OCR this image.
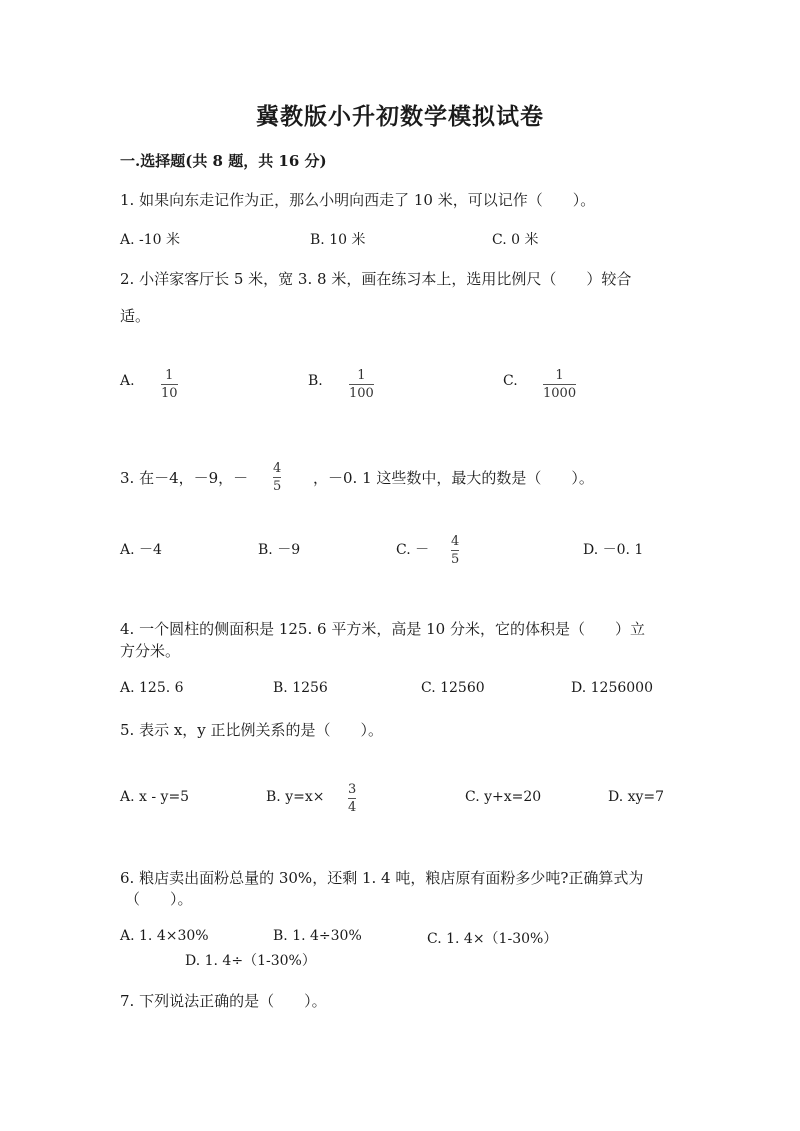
冀教版小升初数学模拟试卷
一.选择题(共 8 题，共 16 分)
1. 如果向东走记作为正，那么小明向西走了 10 米，可以记作（　　）。
A. -10 米	B. 10 米	C. 0 米
2. 小洋家客厅长 5 米，宽 3. 8 米，画在练习本上，选用比例尺（　　）较合
适。
A. 1
10
B.	1
100
C.	1
1000
3. 在－4，－9，－
4
5 ，－0. 1 这些数中，最大的数是（　　）。
A. －4	B. －9	C. －
4
5
D. －0. 1
4. 一个圆柱的侧面积是 125. 6 平方米，高是 10 分米，它的体积是（　　）立
方分米。
A. 125. 6	B. 1256	C. 12560	D. 1256000
5. 表示 x，y 正比例关系的是（　　）。
A. x - y=5	B. y=x× 3
4
C. y+x=20	D. xy=7
6. 粮店卖出面粉总量的 30%，还剩 1. 4 吨，粮店原有面粉多少吨?正确算式为
（　　）。
A. 1. 4×30%	B. 1. 4÷30%	C. 1. 4×（1-30%）
D. 1. 4÷（1-30%）
7. 下列说法正确的是（　　）。
